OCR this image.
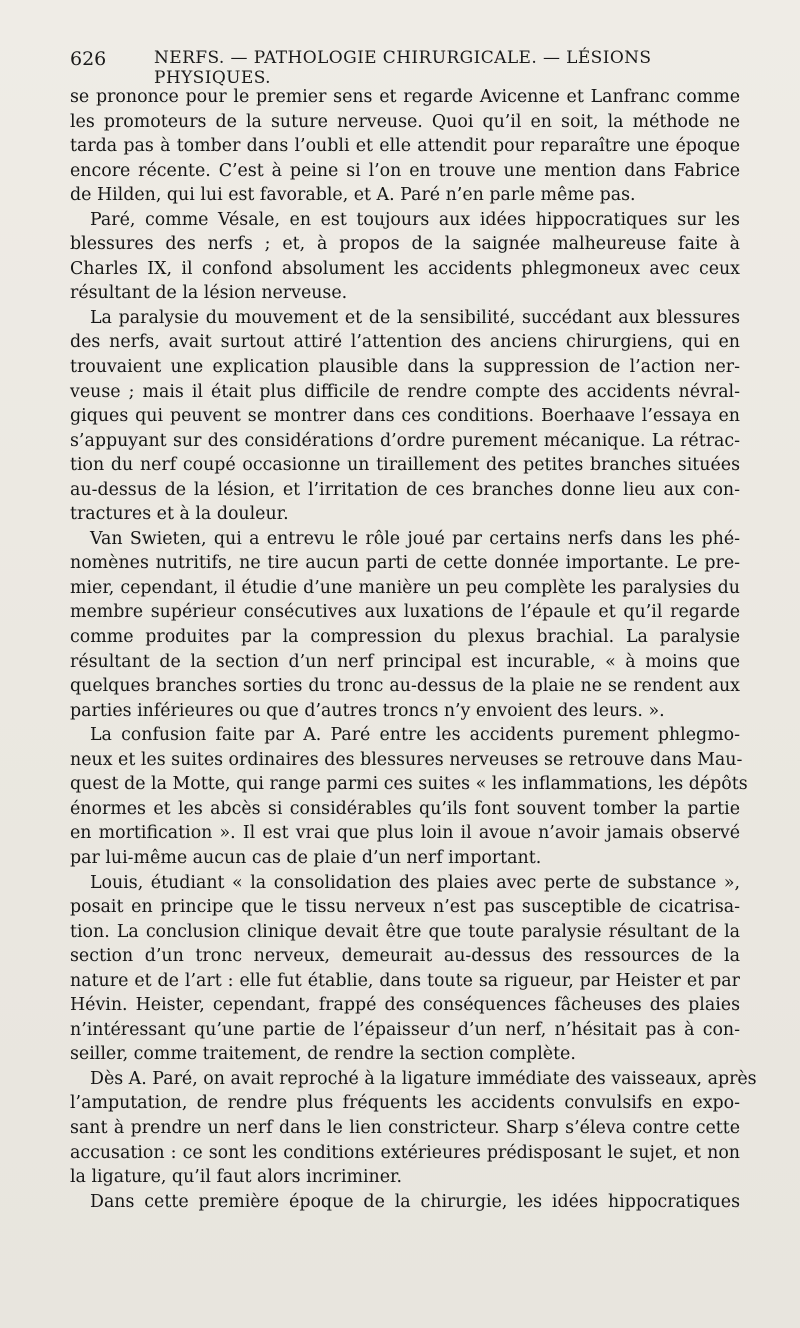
626	NERFS. — PATHOLOGIE CHIRURGICALE. — LÉSIONS PHYSIQUES.

se prononce pour le premier sens et regarde Avicenne et Lanfranc comme
les promoteurs de la suture nerveuse. Quoi qu’il en soit, la méthode ne
tarda pas à tomber dans l’oubli et elle attendit pour reparaître une époque
encore récente. C’est à peine si l’on en trouve une mention dans Fabrice
de Hilden, qui lui est favorable, et A. Paré n’en parle même pas.

Paré, comme Vésale, en est toujours aux idées hippocratiques sur les
blessures des nerfs ; et, à propos de la saignée malheureuse faite à
Charles IX, il confond absolument les accidents phlegmoneux avec ceux
résultant de la lésion nerveuse.

La paralysie du mouvement et de la sensibilité, succédant aux blessures
des nerfs, avait surtout attiré l’attention des anciens chirurgiens, qui en
trouvaient une explication plausible dans la suppression de l’action ner-
veuse ; mais il était plus difficile de rendre compte des accidents névral-
giques qui peuvent se montrer dans ces conditions. Boerhaave l’essaya en
s’appuyant sur des considérations d’ordre purement mécanique. La rétrac-
tion du nerf coupé occasionne un tiraillement des petites branches situées
au-dessus de la lésion, et l’irritation de ces branches donne lieu aux con-
tractures et à la douleur.

Van Swieten, qui a entrevu le rôle joué par certains nerfs dans les phé-
nomènes nutritifs, ne tire aucun parti de cette donnée importante. Le pre-
mier, cependant, il étudie d’une manière un peu complète les paralysies du
membre supérieur consécutives aux luxations de l’épaule et qu’il regarde
comme produites par la compression du plexus brachial. La paralysie
résultant de la section d’un nerf principal est incurable, « à moins que
quelques branches sorties du tronc au-dessus de la plaie ne se rendent aux
parties inférieures ou que d’autres troncs n’y envoient des leurs. ».

La confusion faite par A. Paré entre les accidents purement phlegmo-
neux et les suites ordinaires des blessures nerveuses se retrouve dans Mau-
quest de la Motte, qui range parmi ces suites « les inflammations, les dépôts
énormes et les abcès si considérables qu’ils font souvent tomber la partie
en mortification ». Il est vrai que plus loin il avoue n’avoir jamais observé
par lui-même aucun cas de plaie d’un nerf important.

Louis, étudiant « la consolidation des plaies avec perte de substance »,
posait en principe que le tissu nerveux n’est pas susceptible de cicatrisa-
tion. La conclusion clinique devait être que toute paralysie résultant de la
section d’un tronc nerveux, demeurait au-dessus des ressources de la
nature et de l’art : elle fut établie, dans toute sa rigueur, par Heister et par
Hévin. Heister, cependant, frappé des conséquences fâcheuses des plaies
n’intéressant qu’une partie de l’épaisseur d’un nerf, n’hésitait pas à con-
seiller, comme traitement, de rendre la section complète.

Dès A. Paré, on avait reproché à la ligature immédiate des vaisseaux, après
l’amputation, de rendre plus fréquents les accidents convulsifs en expo-
sant à prendre un nerf dans le lien constricteur. Sharp s’éleva contre cette
accusation : ce sont les conditions extérieures prédisposant le sujet, et non
la ligature, qu’il faut alors incriminer.

Dans cette première époque de la chirurgie, les idées hippocratiques
